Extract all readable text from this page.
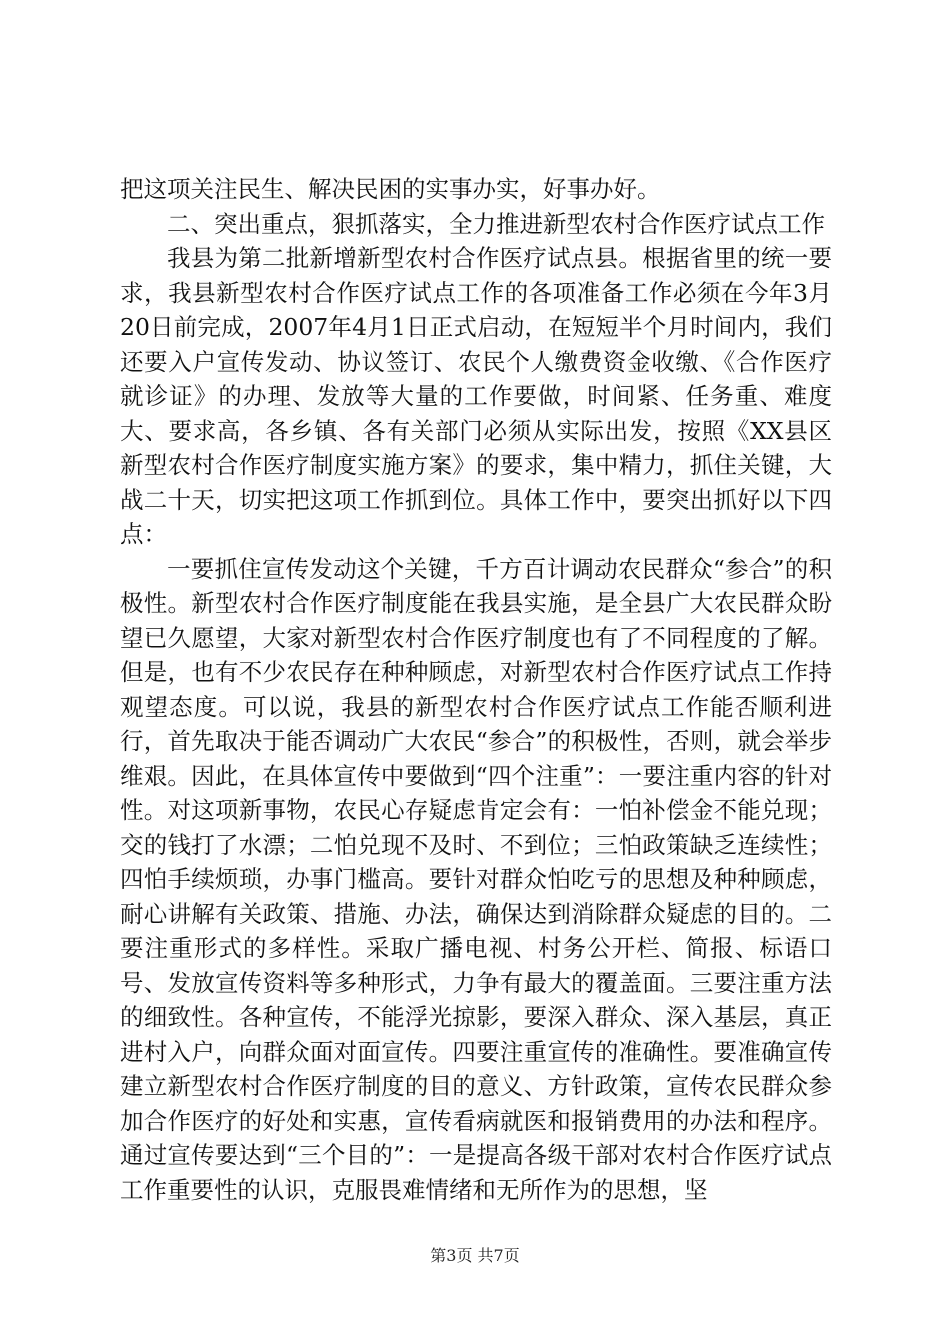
把这项关注民生、解决民困的实事办实，好事办好。

二、突出重点，狠抓落实，全力推进新型农村合作医疗试点工作

我县为第二批新增新型农村合作医疗试点县。根据省里的统一要求，我县新型农村合作医疗试点工作的各项准备工作必须在今年3月20日前完成，2007年4月1日正式启动，在短短半个月时间内，我们还要入户宣传发动、协议签订、农民个人缴费资金收缴、《合作医疗就诊证》的办理、发放等大量的工作要做，时间紧、任务重、难度大、要求高，各乡镇、各有关部门必须从实际出发，按照《XX县区新型农村合作医疗制度实施方案》的要求，集中精力，抓住关键，大战二十天，切实把这项工作抓到位。具体工作中，要突出抓好以下四点：

一要抓住宣传发动这个关键，千方百计调动农民群众“参合”的积极性。新型农村合作医疗制度能在我县实施，是全县广大农民群众盼望已久愿望，大家对新型农村合作医疗制度也有了不同程度的了解。但是，也有不少农民存在种种顾虑，对新型农村合作医疗试点工作持观望态度。可以说，我县的新型农村合作医疗试点工作能否顺利进行，首先取决于能否调动广大农民“参合”的积极性，否则，就会举步维艰。因此，在具体宣传中要做到“四个注重”：一要注重内容的针对性。对这项新事物，农民心存疑虑肯定会有：一怕补偿金不能兑现；交的钱打了水漂；二怕兑现不及时、不到位；三怕政策缺乏连续性；四怕手续烦琐，办事门槛高。要针对群众怕吃亏的思想及种种顾虑，耐心讲解有关政策、措施、办法，确保达到消除群众疑虑的目的。二要注重形式的多样性。采取广播电视、村务公开栏、简报、标语口号、发放宣传资料等多种形式，力争有最大的覆盖面。三要注重方法的细致性。各种宣传，不能浮光掠影，要深入群众、深入基层，真正进村入户，向群众面对面宣传。四要注重宣传的准确性。要准确宣传建立新型农村合作医疗制度的目的意义、方针政策，宣传农民群众参加合作医疗的好处和实惠，宣传看病就医和报销费用的办法和程序。通过宣传要达到“三个目的”：一是提高各级干部对农村合作医疗试点工作重要性的认识，克服畏难情绪和无所作为的思想，坚

第3页 共7页
